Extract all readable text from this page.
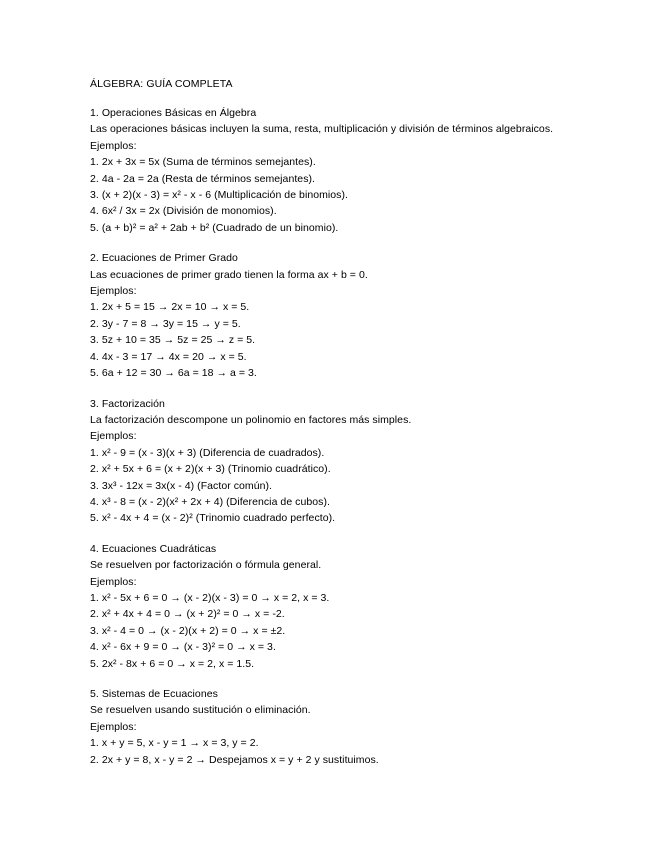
ÁLGEBRA: GUÍA COMPLETA
1. Operaciones Básicas en Álgebra
Las operaciones básicas incluyen la suma, resta, multiplicación y división de términos algebraicos.
Ejemplos:
1. 2x + 3x = 5x (Suma de términos semejantes).
2. 4a - 2a = 2a (Resta de términos semejantes).
3. (x + 2)(x - 3) = x² - x - 6 (Multiplicación de binomios).
4. 6x² / 3x = 2x (División de monomios).
5. (a + b)² = a² + 2ab + b² (Cuadrado de un binomio).
2. Ecuaciones de Primer Grado
Las ecuaciones de primer grado tienen la forma ax + b = 0.
Ejemplos:
1. 2x + 5 = 15 → 2x = 10 → x = 5.
2. 3y - 7 = 8 → 3y = 15 → y = 5.
3. 5z + 10 = 35 → 5z = 25 → z = 5.
4. 4x - 3 = 17 → 4x = 20 → x = 5.
5. 6a + 12 = 30 → 6a = 18 → a = 3.
3. Factorización
La factorización descompone un polinomio en factores más simples.
Ejemplos:
1. x² - 9 = (x - 3)(x + 3) (Diferencia de cuadrados).
2. x² + 5x + 6 = (x + 2)(x + 3) (Trinomio cuadrático).
3. 3x³ - 12x = 3x(x - 4) (Factor común).
4. x³ - 8 = (x - 2)(x² + 2x + 4) (Diferencia de cubos).
5. x² - 4x + 4 = (x - 2)² (Trinomio cuadrado perfecto).
4. Ecuaciones Cuadráticas
Se resuelven por factorización o fórmula general.
Ejemplos:
1. x² - 5x + 6 = 0 → (x - 2)(x - 3) = 0 → x = 2, x = 3.
2. x² + 4x + 4 = 0 → (x + 2)² = 0 → x = -2.
3. x² - 4 = 0 → (x - 2)(x + 2) = 0 → x = ±2.
4. x² - 6x + 9 = 0 → (x - 3)² = 0 → x = 3.
5. 2x² - 8x + 6 = 0 → x = 2, x = 1.5.
5. Sistemas de Ecuaciones
Se resuelven usando sustitución o eliminación.
Ejemplos:
1. x + y = 5, x - y = 1 → x = 3, y = 2.
2. 2x + y = 8, x - y = 2 → Despejamos x = y + 2 y sustituimos.
